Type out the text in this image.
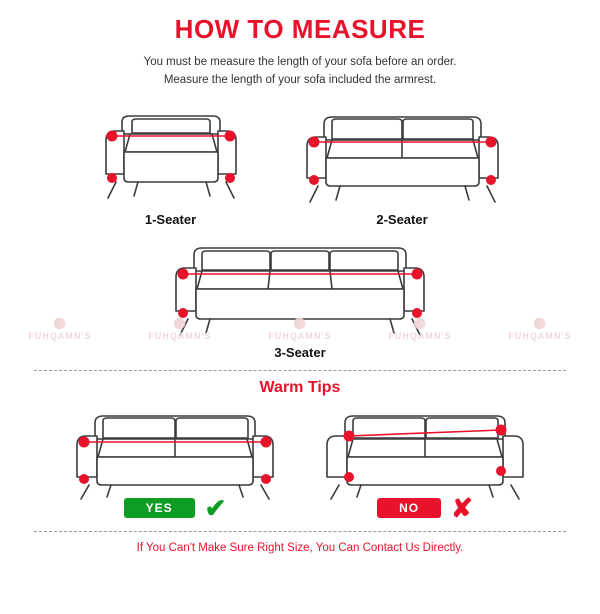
HOW TO MEASURE
You must be measure the length of your sofa before an order.
Measure the length of your sofa included the armrest.
1-Seater	2-Seater
3-Seater
Warm Tips
YES	✔	NO	✘
If You Can't Make Sure Right Size, You Can Contact Us Directly.
⚈
FUHQAMN'S
⚈
FUHQAMN'S
⚈
FUHQAMN'S
⚈
FUHQAMN'S
⚈
FUHQAMN'S
